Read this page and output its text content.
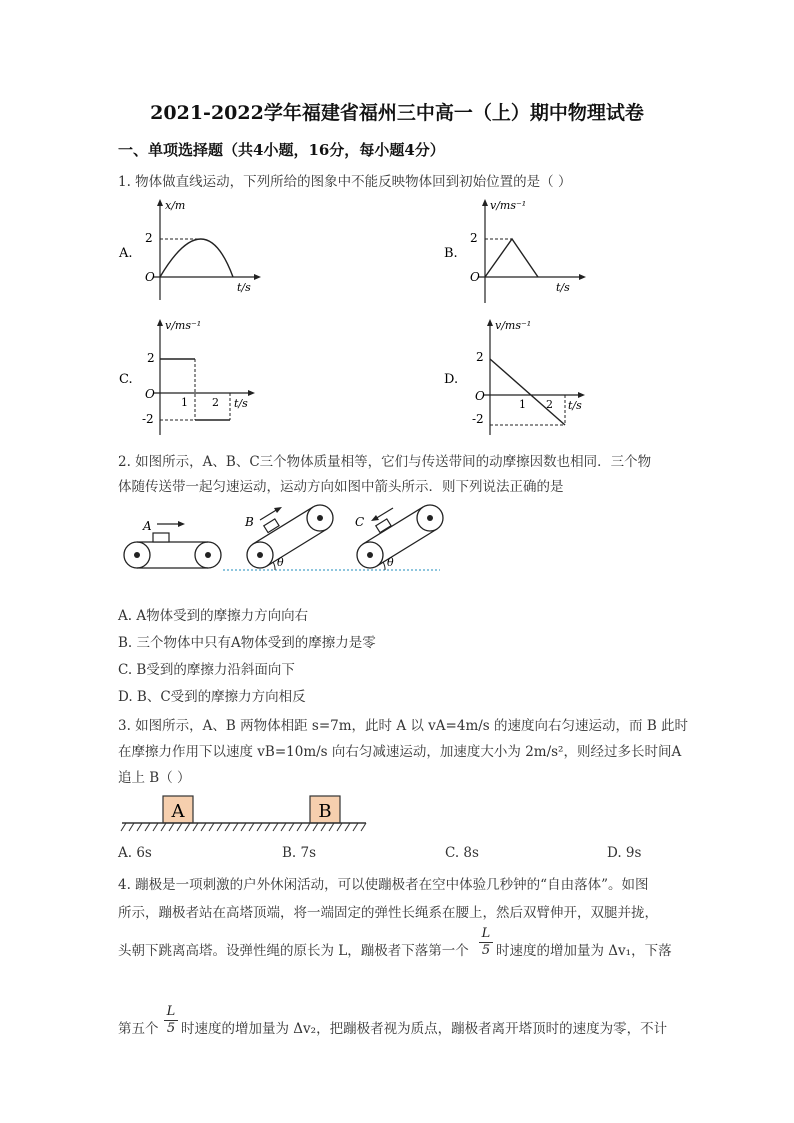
2021-2022学年福建省福州三中高一（上）期中物理试卷
一、单项选择题（共4小题，16分，每小题4分）
1. 物体做直线运动，下列所给的图象中不能反映物体回到初始位置的是（ ）
A.
x/m
t/s
O
2
B.
v/ms⁻¹
t/s
O
2
C.
v/ms⁻¹
t/s
O
2
-2
1 2
D.
v/ms⁻¹
t/s
O
2
-2
1 2
2. 如图所示，A、B、C三个物体质量相等，它们与传送带间的动摩擦因数也相同．三个物
体随传送带一起匀速运动，运动方向如图中箭头所示．则下列说法正确的是
A	B
θ
C
θ
A. A物体受到的摩擦力方向向右
B. 三个物体中只有A物体受到的摩擦力是零
C. B受到的摩擦力沿斜面向下
D. B、C受到的摩擦力方向相反
3. 如图所示，A、B 两物体相距 s=7m，此时 A 以 vA=4m/s 的速度向右匀速运动，而 B 此时
在摩擦力作用下以速度 vB=10m/s 向右匀减速运动，加速度大小为 2m/s²，则经过多长时间A
追上 B（ ）
A	B
A. 6s	B. 7s	C. 8s	D. 9s
4. 蹦极是一项刺激的户外休闲活动，可以使蹦极者在空中体验几秒钟的“自由落体”。如图
所示，蹦极者站在高塔顶端，将一端固定的弹性长绳系在腰上，然后双臂伸开，双腿并拢，
头朝下跳离高塔。设弹性绳的原长为 L，蹦极者下落第一个 $\frac{L}{5}$ 时速度的增加量为 Δv₁，下落
第五个 $\frac{L}{5}$ 时速度的增加量为 Δv₂，把蹦极者视为质点，蹦极者离开塔顶时的速度为零，不计
